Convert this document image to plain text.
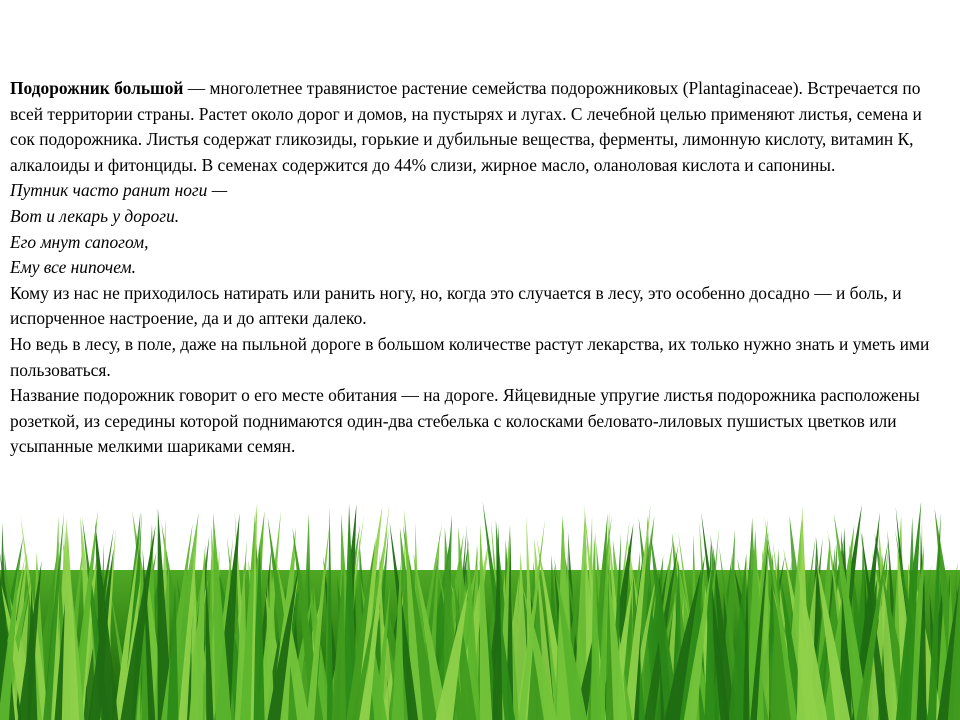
Подорожник большой — многолетнее травянистое растение семейства подорожниковых (Plantaginaceae). Встречается по всей территории страны. Растет около дорог и домов, на пустырях и лугах. С лечебной целью применяют листья, семена и сок подорожника. Листья содержат гликозиды, горькие и дубильные вещества, ферменты, лимонную кислоту, витамин К, алкалоиды и фитонциды. В семенах содержится до 44% слизи, жирное масло, оланоловая кислота и сапонины.

Путник часто ранит ноги —

Вот и лекарь у дороги.

Его мнут сапогом,

Ему все нипочем.

Кому из нас не приходилось натирать или ранить ногу, но, когда это случается в лесу, это особенно досадно — и боль, и испорченное настроение, да и до аптеки далеко.

Но ведь в лесу, в поле, даже на пыльной дороге в большом количестве растут лекарства, их только нужно знать и уметь ими пользоваться.

Название подорожник говорит о его месте обитания — на дороге. Яйцевидные упругие листья подорожника расположены розеткой, из середины которой поднимаются один-два стебелька с колосками беловато-лиловых пушистых цветков или усыпанные мелкими шариками семян.
